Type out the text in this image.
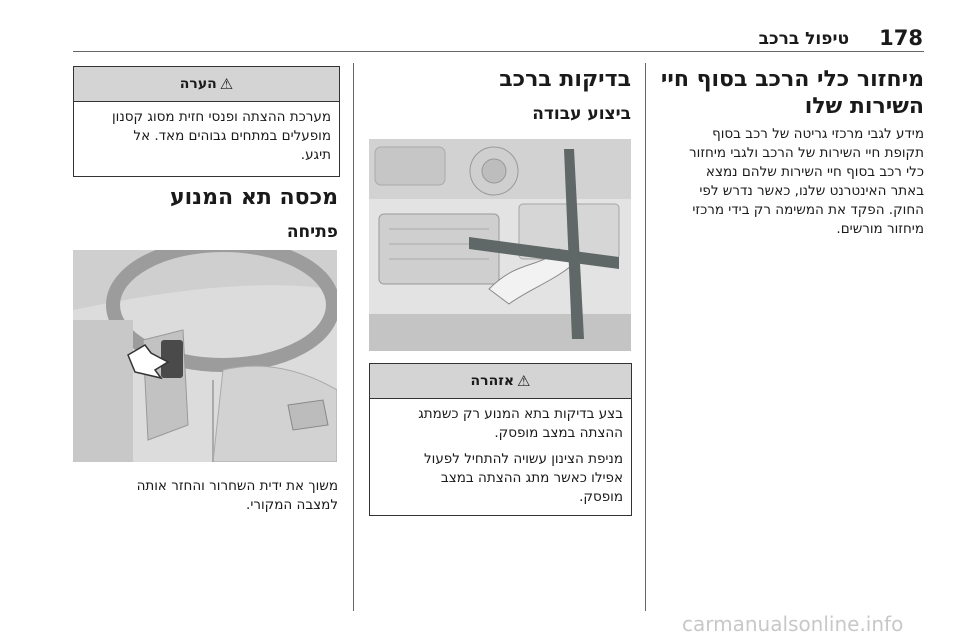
178
טיפול ברכב

מיחזור כלי הרכב בסוף חיי

השירות שלו

מידע לגבי מרכזי גריטה של רכב בסוף

תקופת חיי השירות של הרכב ולגבי מיחזור

כלי רכב בסוף חיי השירות שלהם נמצא

באתר האינטרנט שלנו, כאשר נדרש לפי

החוק. הפקד את המשימה רק בידי מרכזי

מיחזור מורשים.

בדיקות ברכב

ביצוע עבודה

⚠
אזהרה

בצע בדיקות בתא המנוע רק כשמתג
ההצתה במצב מופסק.

מניפת הצינון עשויה להתחיל לפעול
אפילו כאשר מתג ההצתה במצב
מופסק.

⚠
הערה
מערכת ההצתה ופנסי חזית מסוג קסנון
מופעלים במתחים גבוהים מאד. אל
תיגע.

מכסה תא המנוע

פתיחה

משוך את ידית השחרור והחזר אותה

למצבה המקורי.

carmanualsonline.info
